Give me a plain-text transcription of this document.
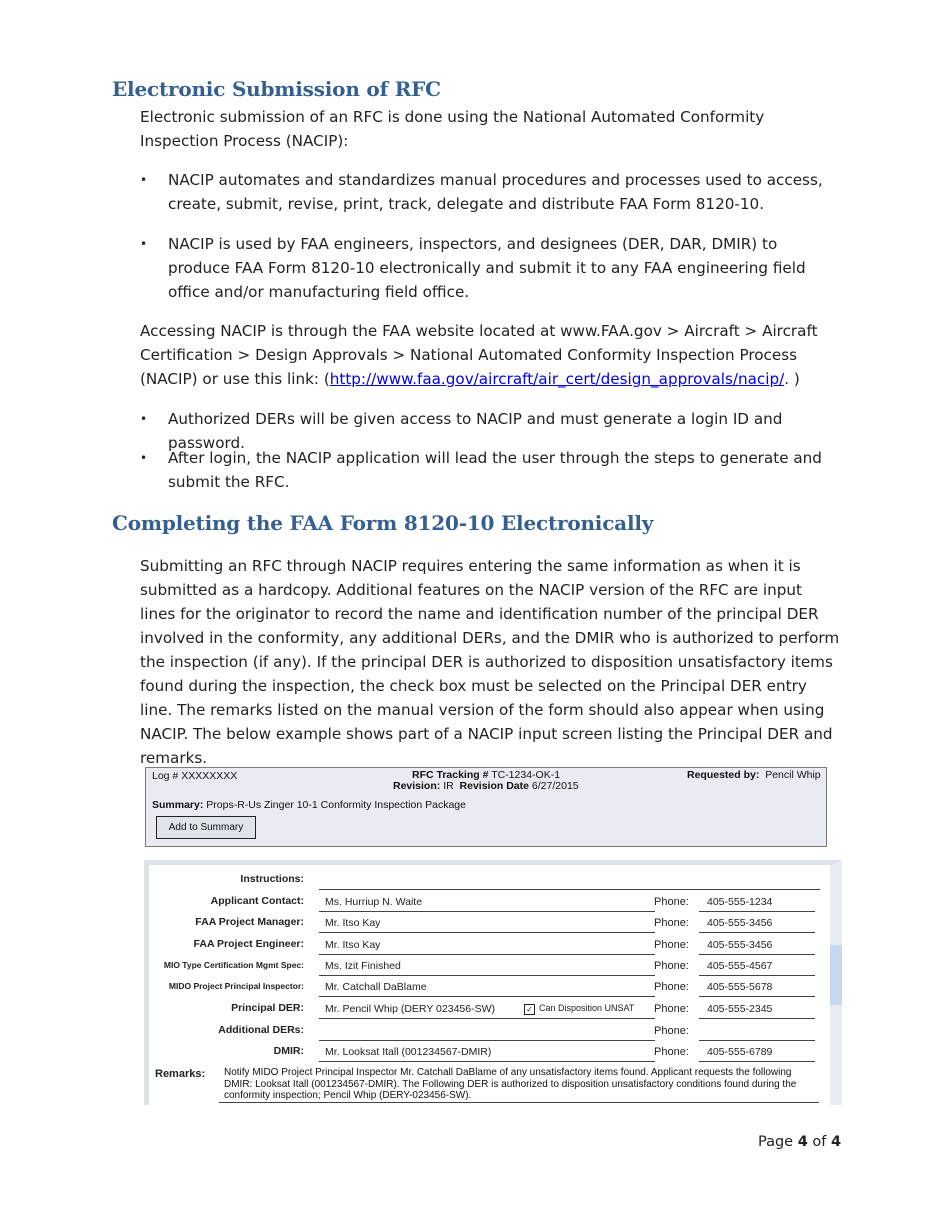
Electronic Submission of RFC
Electronic submission of an RFC is done using the National Automated Conformity Inspection Process (NACIP):
• NACIP automates and standardizes manual procedures and processes used to access, create, submit, revise, print, track, delegate and distribute FAA Form 8120-10.
• NACIP is used by FAA engineers, inspectors, and designees (DER, DAR, DMIR) to produce FAA Form 8120-10 electronically and submit it to any FAA engineering field office and/or manufacturing field office.
Accessing NACIP is through the FAA website located at www.FAA.gov > Aircraft > Aircraft Certification > Design Approvals > National Automated Conformity Inspection Process (NACIP) or use this link: (http://www.faa.gov/aircraft/air_cert/design_approvals/nacip/. )
• Authorized DERs will be given access to NACIP and must generate a login ID and password.
• After login, the NACIP application will lead the user through the steps to generate and submit the RFC.
Completing the FAA Form 8120-10 Electronically
Submitting an RFC through NACIP requires entering the same information as when it is submitted as a hardcopy. Additional features on the NACIP version of the RFC are input lines for the originator to record the name and identification number of the principal DER involved in the conformity, any additional DERs, and the DMIR who is authorized to perform the inspection (if any). If the principal DER is authorized to disposition unsatisfactory items found during the inspection, the check box must be selected on the Principal DER entry line. The remarks listed on the manual version of the form should also appear when using NACIP. The below example shows part of a NACIP input screen listing the Principal DER and remarks.
Log # XXXXXXXX	RFC Tracking # TC-1234-OK-1
Revision: IR Revision Date 6/27/2015
Requested by: Pencil Whip
Summary: Props-R-Us Zinger 10-1 Conformity Inspection Package
Add to Summary
Instructions:
Applicant Contact:	Ms. Hurriup N. Waite	Phone:	405-555-1234
FAA Project Manager:	Mr. Itso Kay	Phone:	405-555-3456
FAA Project Engineer:	Mr. Itso Kay	Phone:	405-555-3456
MIO Type Certification Mgmt Spec:	Ms. Izit Finished	Phone:	405-555-4567
MIDO Project Principal Inspector:	Mr. Catchall DaBlame	Phone:	405-555-5678
Principal DER:	Mr. Pencil Whip (DERY 023456-SW)	✓ Can Disposition UNSAT Phone:	405-555-2345
Additional DERs:	Phone:
DMIR:	Mr. Looksat Itall (001234567-DMIR)	Phone:	405-555-6789
Remarks: Notify MIDO Project Principal Inspector Mr. Catchall DaBlame of any unsatisfactory items found. Applicant requests the following DMIR: Looksat Itall (001234567-DMIR). The Following DER is authorized to disposition unsatisfactory conditions found during the conformity inspection; Pencil Whip (DERY-023456-SW).
Page 4 of 4
